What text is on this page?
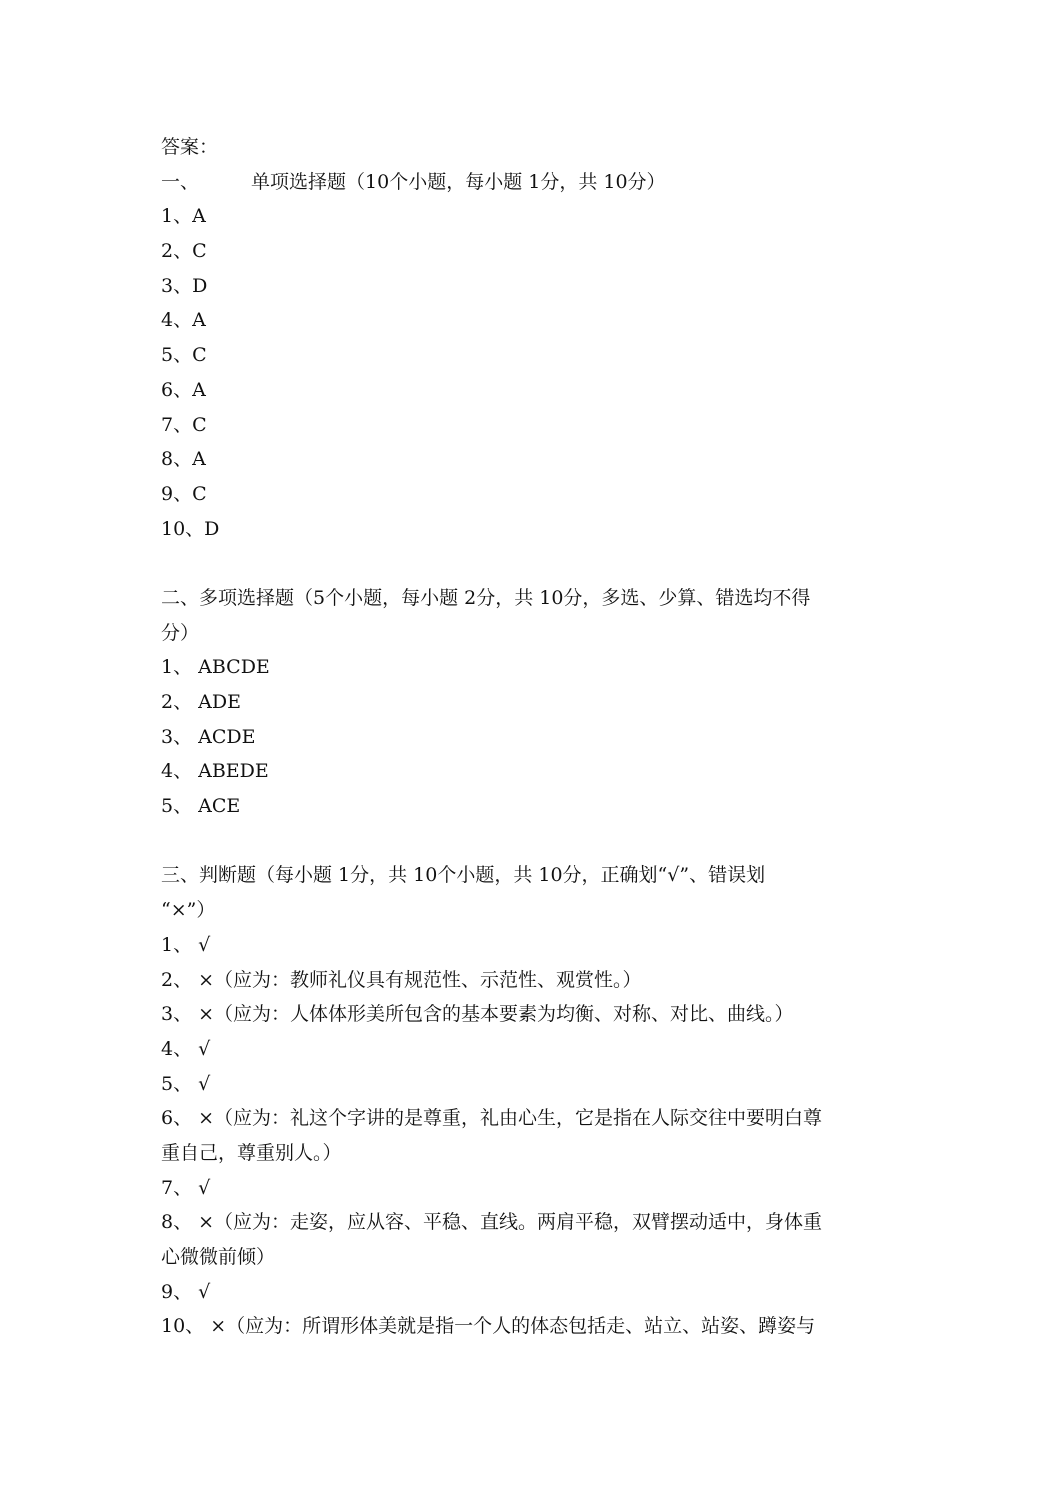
答案：
一、	单项选择题（10个小题，每小题 1分，共 10分）
1、A
2、C
3、D
4、A
5、C
6、A
7、C
8、A
9、C
10、D
二、多项选择题（5个小题，每小题 2分，共 10分，多选、少算、错选均不得
分）
1、 ABCDE
2、 ADE
3、 ACDE
4、 ABEDE
5、 ACE
三、判断题（每小题 1分，共 10个小题，共 10分，正确划“√”、错误划
“×”）
1、 √
2、 ×（应为：教师礼仪具有规范性、示范性、观赏性。）
3、 ×（应为：人体体形美所包含的基本要素为均衡、对称、对比、曲线。）
4、 √
5、 √
6、 ×（应为：礼这个字讲的是尊重，礼由心生，它是指在人际交往中要明白尊
重自己，尊重别人。）
7、 √
8、 ×（应为：走姿，应从容、平稳、直线。两肩平稳，双臂摆动适中，身体重
心微微前倾）
9、 √
10、 ×（应为：所谓形体美就是指一个人的体态包括走、站立、站姿、蹲姿与
